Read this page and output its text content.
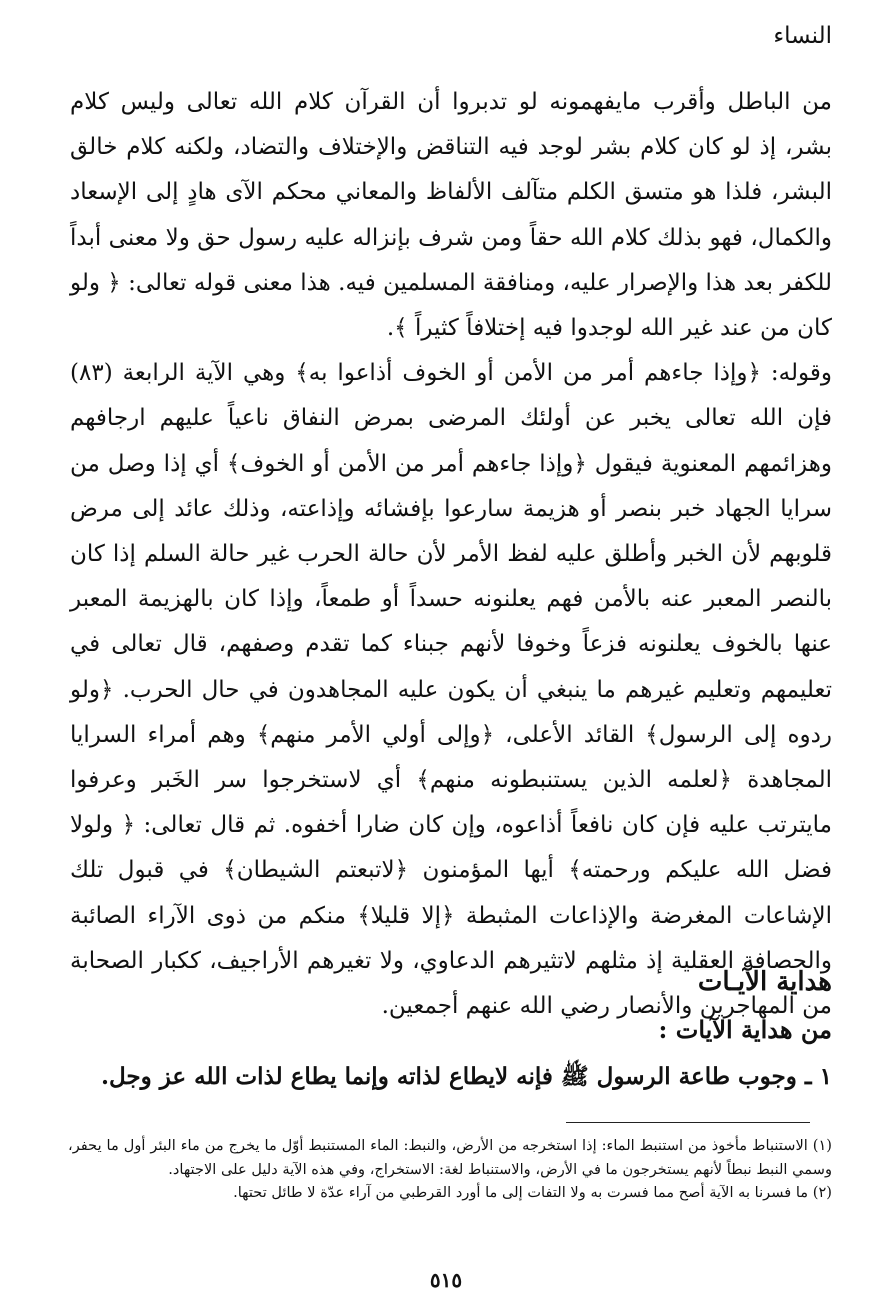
النساء

من الباطل وأقرب مايفهمونه لو تدبروا أن القرآن كلام الله تعالى وليس كلام بشر، إذ لو كان كلام بشر لوجد فيه التناقض والإختلاف والتضاد، ولكنه كلام خالق البشر، فلذا هو متسق الكلم متآلف الألفاظ والمعاني محكم الآى هادٍ إلى الإسعاد والكمال، فهو بذلك كلام الله حقاً ومن شرف بإنزاله عليه رسول حق ولا معنى أبداً للكفر بعد هذا والإصرار عليه، ومنافقة المسلمين فيه. هذا معنى قوله تعالى: ﴿ ولو كان من عند غير الله لوجدوا فيه إختلافاً كثيراً ﴾.

وقوله: ﴿وإذا جاءهم أمر من الأمن أو الخوف أذاعوا به﴾ وهي الآية الرابعة (٨٣) فإن الله تعالى يخبر عن أولئك المرضى بمرض النفاق ناعياً عليهم ارجافهم وهزائمهم المعنوية فيقول ﴿وإذا جاءهم أمر من الأمن أو الخوف﴾ أي إذا وصل من سرايا الجهاد خبر بنصر أو هزيمة سارعوا بإفشائه وإذاعته، وذلك عائد إلى مرض قلوبهم لأن الخبر وأطلق عليه لفظ الأمر لأن حالة الحرب غير حالة السلم إذا كان بالنصر المعبر عنه بالأمن فهم يعلنونه حسداً أو طمعاً، وإذا كان بالهزيمة المعبر عنها بالخوف يعلنونه فزعاً وخوفا لأنهم جبناء كما تقدم وصفهم، قال تعالى في تعليمهم وتعليم غيرهم ما ينبغي أن يكون عليه المجاهدون في حال الحرب. ﴿ولو ردوه إلى الرسول﴾ القائد الأعلى، ﴿وإلى أولي الأمر منهم﴾ وهم أمراء السرايا المجاهدة ﴿لعلمه الذين يستنبطونه منهم﴾ أي لاستخرجوا سر الخَبر وعرفوا مايترتب عليه فإن كان نافعاً أذاعوه، وإن كان ضارا أخفوه. ثم قال تعالى: ﴿ ولولا فضل الله عليكم ورحمته﴾ أيها المؤمنون ﴿لاتبعتم الشيطان﴾ في قبول تلك الإشاعات المغرضة والإذاعات المثبطة ﴿إلا قليلا﴾ منكم من ذوى الآراء الصائبة والحصافة العقلية إذ مثلهم لاتثيرهم الدعاوي، ولا تغيرهم الأراجيف، ككبار الصحابة من المهاجرين والأنصار رضي الله عنهم أجمعين.

هداية الآيـات
من هداية الآيات :
١ ـ وجوب طاعة الرسول ﷺ فإنه لايطاع لذاته وإنما يطاع لذات الله عز وجل.

(١) الاستنباط مأخوذ من استنبط الماء: إذا استخرجه من الأرض، والنبط: الماء المستنبط أوّل ما يخرج من ماء البئر أول ما يحفر، وسمي النبط نبطاً لأنهم يستخرجون ما في الأرض، والاستنباط لغة: الاستخراج، وفي هذه الآية دليل على الاجتهاد.

(٢) ما فسرنا به الآية أصح مما فسرت به ولا التفات إلى ما أورد القرطبي من آراء عدّة لا طائل تحتها.

٥١٥
